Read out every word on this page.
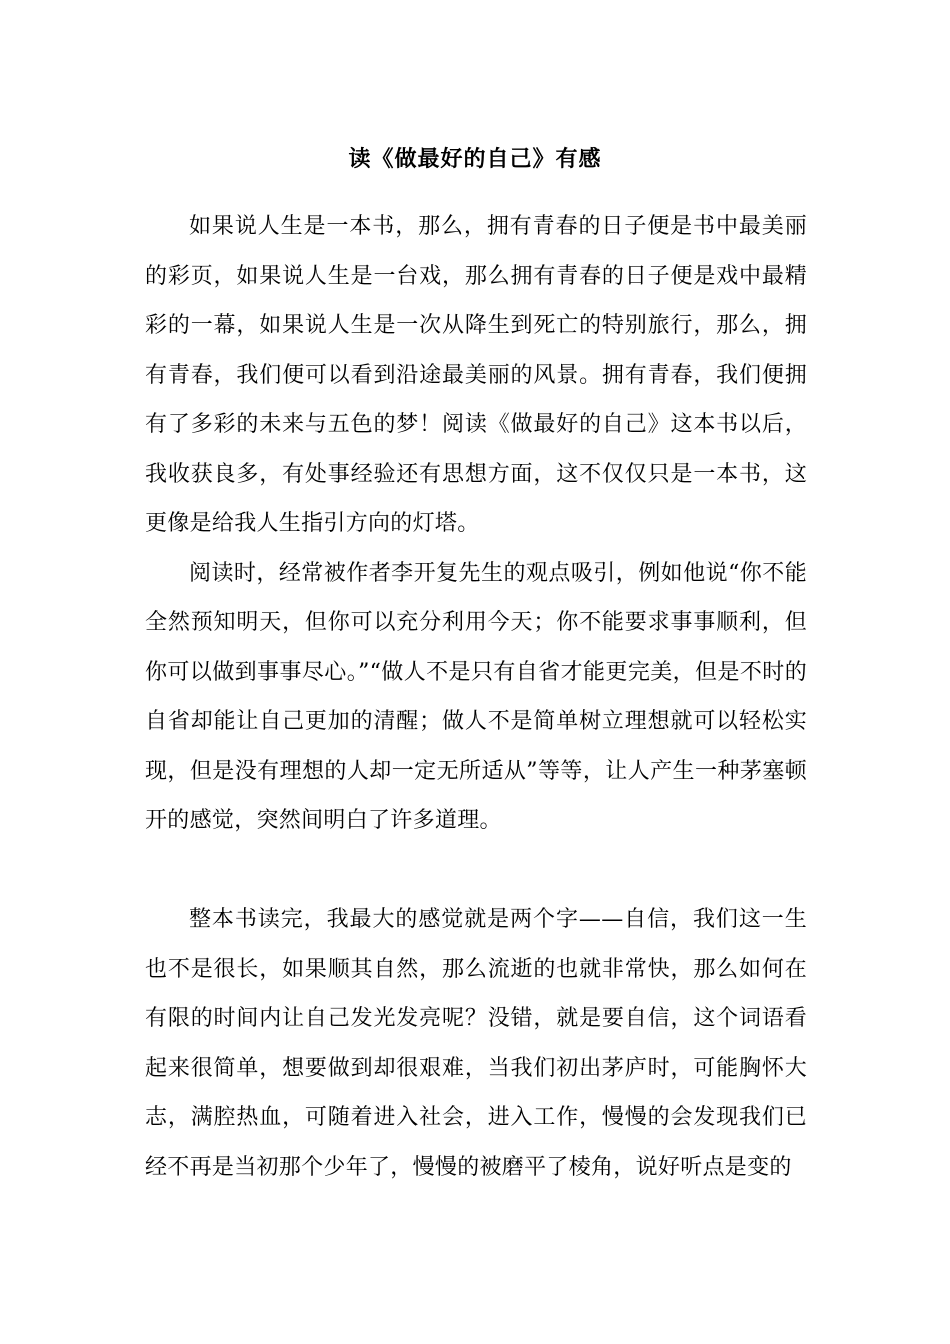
读《做最好的自己》有感

如果说人生是一本书，那么，拥有青春的日子便是书中最美丽的彩页，如果说人生是一台戏，那么拥有青春的日子便是戏中最精彩的一幕，如果说人生是一次从降生到死亡的特别旅行，那么，拥有青春，我们便可以看到沿途最美丽的风景。拥有青春，我们便拥有了多彩的未来与五色的梦！阅读《做最好的自己》这本书以后，我收获良多，有处事经验还有思想方面，这不仅仅只是一本书，这更像是给我人生指引方向的灯塔。

阅读时，经常被作者李开复先生的观点吸引，例如他说“你不能全然预知明天，但你可以充分利用今天；你不能要求事事顺利，但你可以做到事事尽心。”“做人不是只有自省才能更完美，但是不时的自省却能让自己更加的清醒；做人不是简单树立理想就可以轻松实现，但是没有理想的人却一定无所适从”等等，让人产生一种茅塞顿开的感觉，突然间明白了许多道理。

整本书读完，我最大的感觉就是两个字——自信，我们这一生也不是很长，如果顺其自然，那么流逝的也就非常快，那么如何在有限的时间内让自己发光发亮呢？没错，就是要自信，这个词语看起来很简单，想要做到却很艰难，当我们初出茅庐时，可能胸怀大志，满腔热血，可随着进入社会，进入工作，慢慢的会发现我们已经不再是当初那个少年了，慢慢的被磨平了棱角，说好听点是变的
